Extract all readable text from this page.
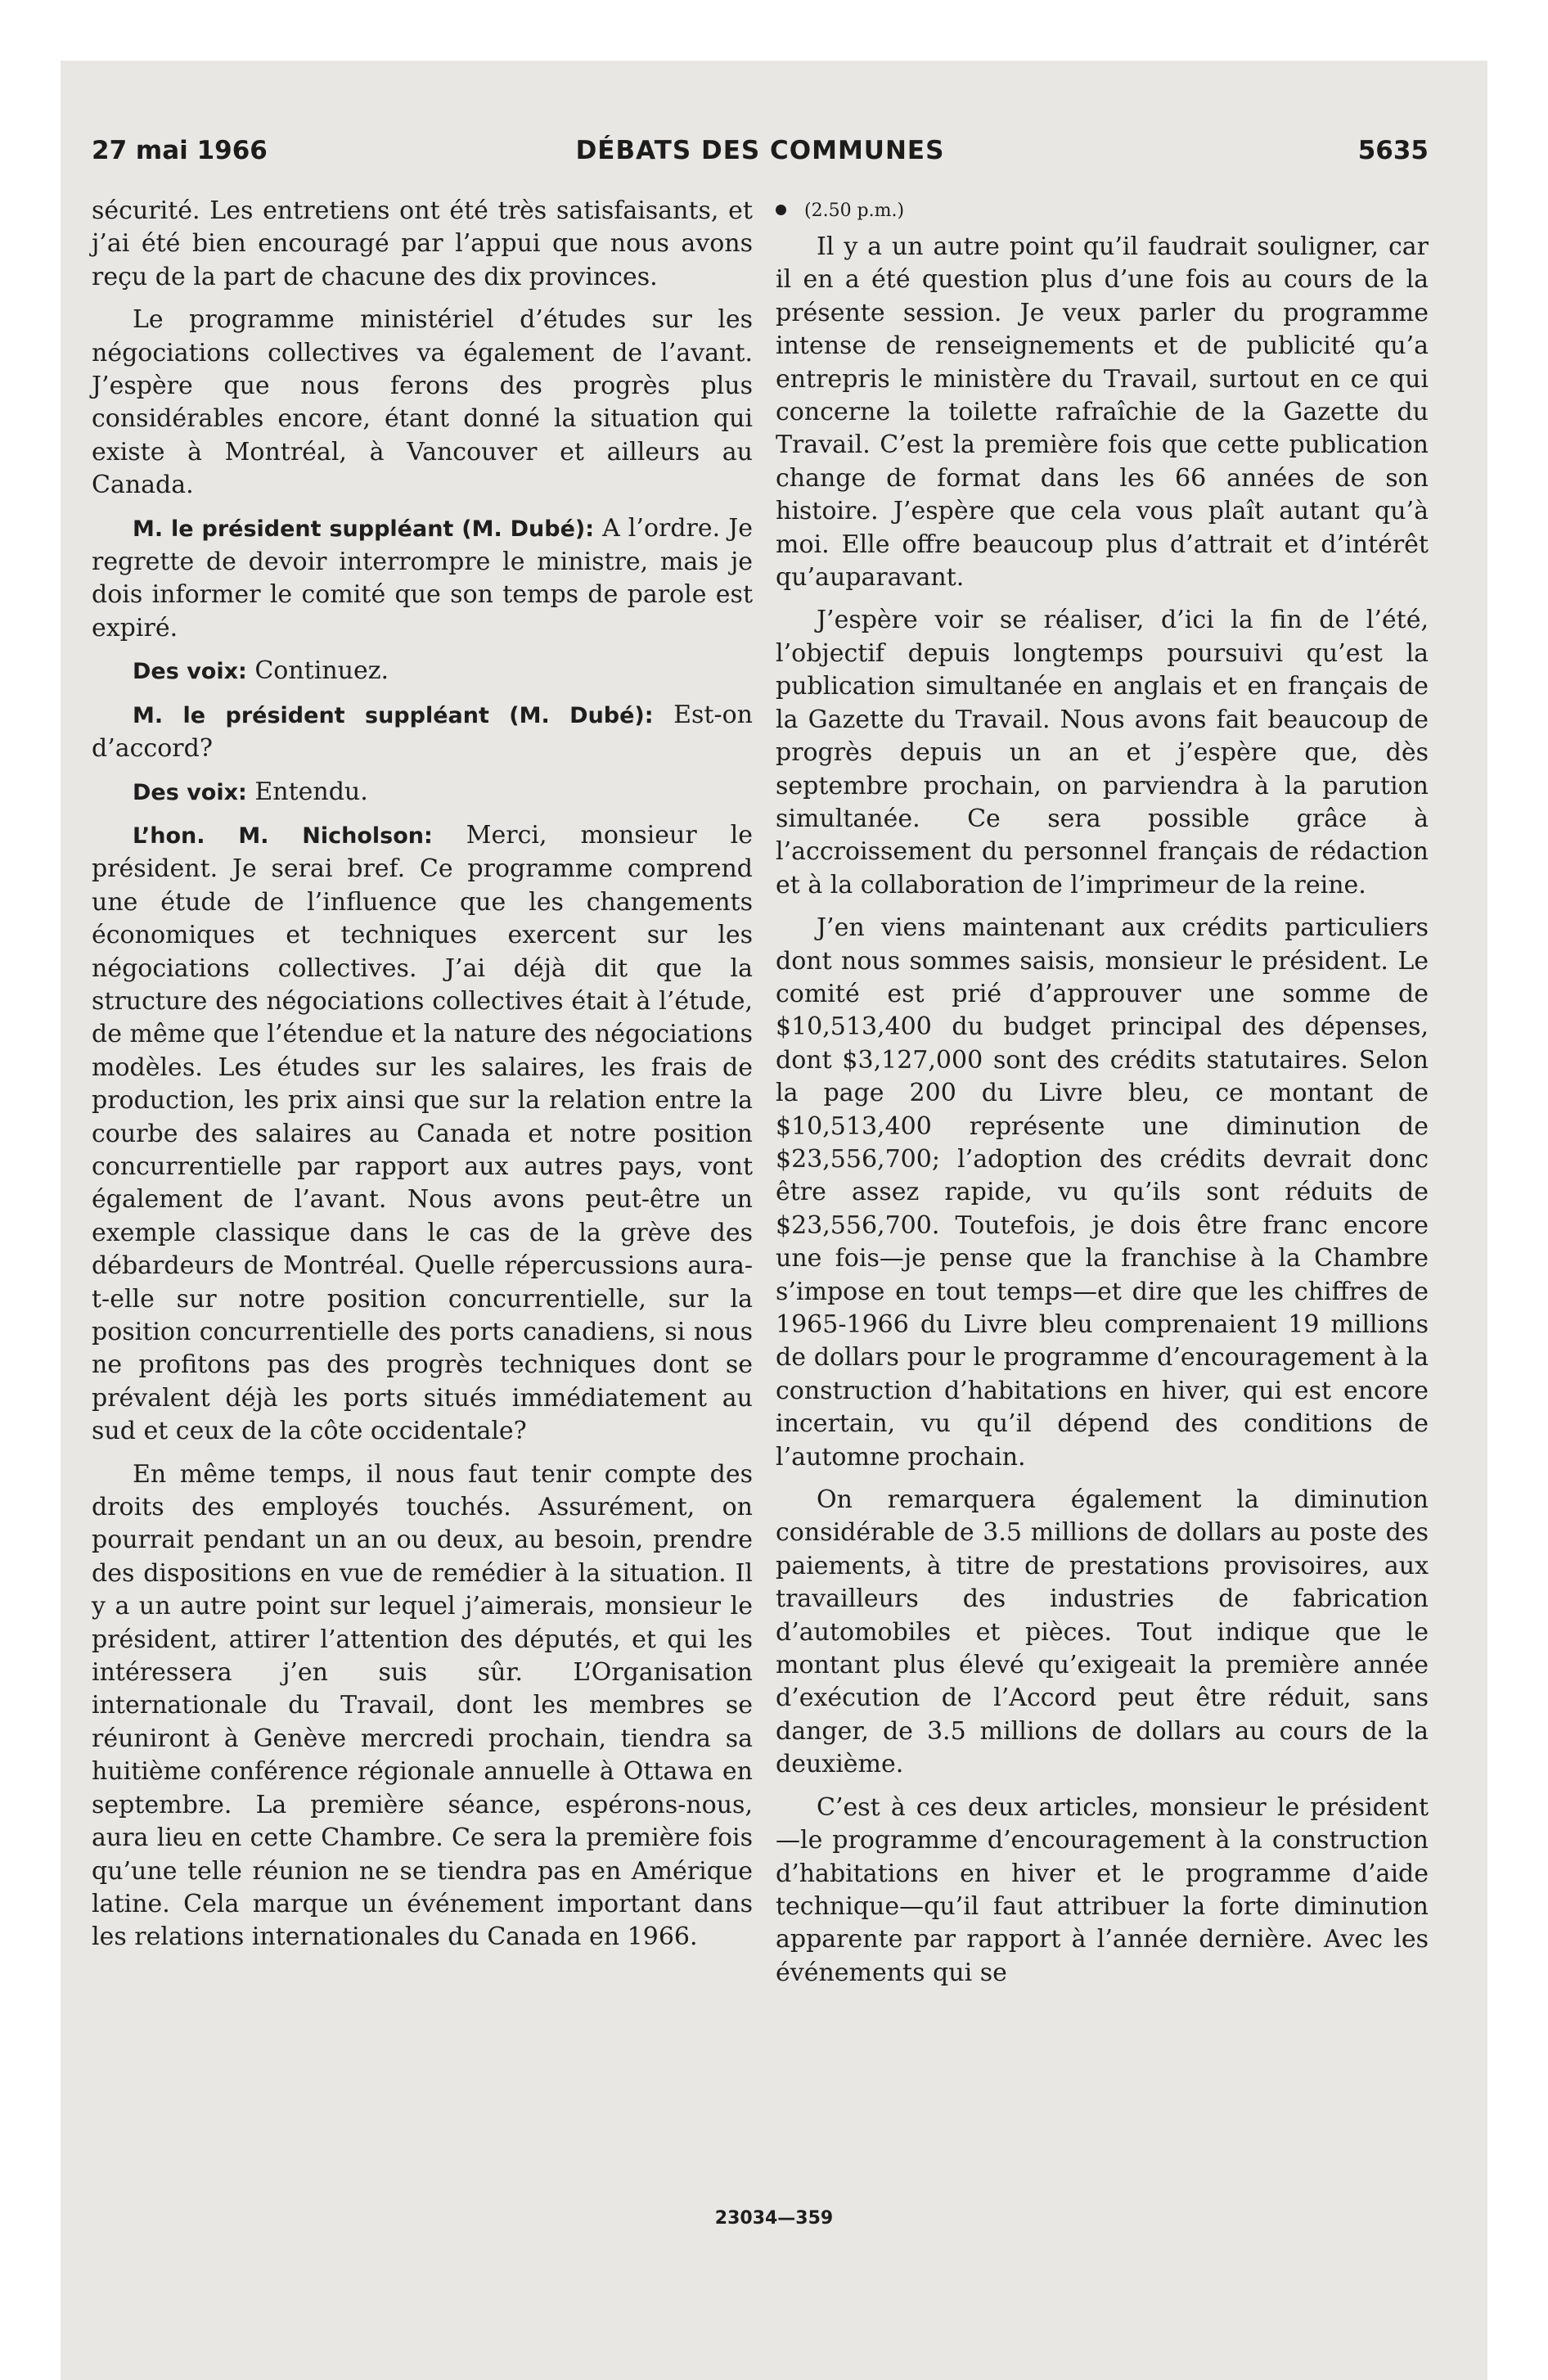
27 mai 1966	DÉBATS DES COMMUNES	5635

sécurité. Les entretiens ont été très satisfaisants, et j’ai été bien encouragé par l’appui que nous avons reçu de la part de chacune des dix provinces.

Le programme ministériel d’études sur les négociations collectives va également de l’avant. J’espère que nous ferons des progrès plus considérables encore, étant donné la situation qui existe à Montréal, à Vancouver et ailleurs au Canada.

M. le président suppléant (M. Dubé): A l’ordre. Je regrette de devoir interrompre le ministre, mais je dois informer le comité que son temps de parole est expiré.

Des voix: Continuez.

M. le président suppléant (M. Dubé): Est-on d’accord?

Des voix: Entendu.

L’hon. M. Nicholson: Merci, monsieur le président. Je serai bref. Ce programme comprend une étude de l’influence que les changements économiques et techniques exercent sur les négociations collectives. J’ai déjà dit que la structure des négociations collectives était à l’étude, de même que l’étendue et la nature des négociations modèles. Les études sur les salaires, les frais de production, les prix ainsi que sur la relation entre la courbe des salaires au Canada et notre position concurrentielle par rapport aux autres pays, vont également de l’avant. Nous avons peut-être un exemple classique dans le cas de la grève des débardeurs de Montréal. Quelle répercussions aura-t-elle sur notre position concurrentielle, sur la position concurrentielle des ports canadiens, si nous ne profitons pas des progrès techniques dont se prévalent déjà les ports situés immédiatement au sud et ceux de la côte occidentale?

En même temps, il nous faut tenir compte des droits des employés touchés. Assurément, on pourrait pendant un an ou deux, au besoin, prendre des dispositions en vue de remédier à la situation. Il y a un autre point sur lequel j’aimerais, monsieur le président, attirer l’attention des députés, et qui les intéressera j’en suis sûr. L’Organisation internationale du Travail, dont les membres se réuniront à Genève mercredi prochain, tiendra sa huitième conférence régionale annuelle à Ottawa en septembre. La première séance, espérons-nous, aura lieu en cette Chambre. Ce sera la première fois qu’une telle réunion ne se tiendra pas en Amérique latine. Cela marque un événement important dans les relations internationales du Canada en 1966.

(2.50 p.m.)

Il y a un autre point qu’il faudrait souligner, car il en a été question plus d’une fois au cours de la présente session. Je veux parler du programme intense de renseignements et de publicité qu’a entrepris le ministère du Travail, surtout en ce qui concerne la toilette rafraîchie de la Gazette du Travail. C’est la première fois que cette publication change de format dans les 66 années de son histoire. J’espère que cela vous plaît autant qu’à moi. Elle offre beaucoup plus d’attrait et d’intérêt qu’auparavant.

J’espère voir se réaliser, d’ici la fin de l’été, l’objectif depuis longtemps poursuivi qu’est la publication simultanée en anglais et en français de la Gazette du Travail. Nous avons fait beaucoup de progrès depuis un an et j’espère que, dès septembre prochain, on parviendra à la parution simultanée. Ce sera possible grâce à l’accroissement du personnel français de rédaction et à la collaboration de l’imprimeur de la reine.

J’en viens maintenant aux crédits particuliers dont nous sommes saisis, monsieur le président. Le comité est prié d’approuver une somme de $10,513,400 du budget principal des dépenses, dont $3,127,000 sont des crédits statutaires. Selon la page 200 du Livre bleu, ce montant de $10,513,400 représente une diminution de $23,556,700; l’adoption des crédits devrait donc être assez rapide, vu qu’ils sont réduits de $23,556,700. Toutefois, je dois être franc encore une fois—je pense que la franchise à la Chambre s’impose en tout temps—et dire que les chiffres de 1965-1966 du Livre bleu comprenaient 19 millions de dollars pour le programme d’encouragement à la construction d’habitations en hiver, qui est encore incertain, vu qu’il dépend des conditions de l’automne prochain.

On remarquera également la diminution considérable de 3.5 millions de dollars au poste des paiements, à titre de prestations provisoires, aux travailleurs des industries de fabrication d’automobiles et pièces. Tout indique que le montant plus élevé qu’exigeait la première année d’exécution de l’Accord peut être réduit, sans danger, de 3.5 millions de dollars au cours de la deuxième.

C’est à ces deux articles, monsieur le président—le programme d’encouragement à la construction d’habitations en hiver et le programme d’aide technique—qu’il faut attribuer la forte diminution apparente par rapport à l’année dernière. Avec les événements qui se

23034—359
